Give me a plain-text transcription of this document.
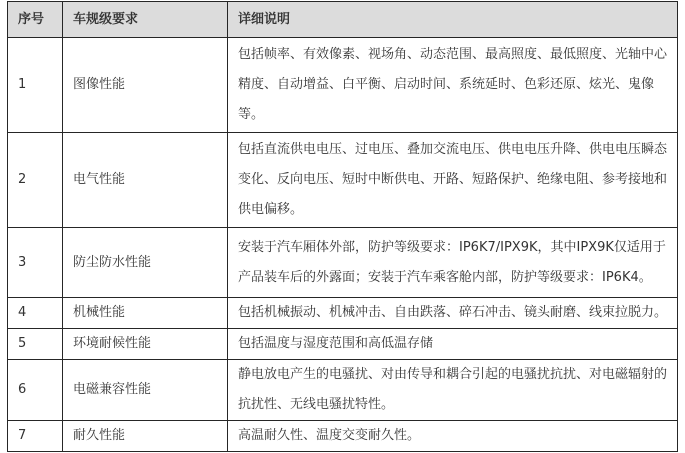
序号	车规级要求	详细说明
1	图像性能	包括帧率、有效像素、视场角、动态范围、最高照度、最低照度、光轴中心精度、自动增益、白平衡、启动时间、系统延时、色彩还原、炫光、鬼像等。
2	电气性能	包括直流供电电压、过电压、叠加交流电压、供电电压升降、供电电压瞬态变化、反向电压、短时中断供电、开路、短路保护、绝缘电阻、参考接地和供电偏移。
3	防尘防水性能	安装于汽车厢体外部，防护等级要求：IP6K7/IPX9K，其中IPX9K仅适用于产品装车后的外露面；安装于汽车乘客舱内部，防护等级要求：IP6K4。
4	机械性能	包括机械振动、机械冲击、自由跌落、碎石冲击、镜头耐磨、线束拉脱力。
5	环境耐候性能	包括温度与湿度范围和高低温存储
6	电磁兼容性能	静电放电产生的电骚扰、对由传导和耦合引起的电骚扰抗扰、对电磁辐射的抗扰性、无线电骚扰特性。
7	耐久性能	高温耐久性、温度交变耐久性。
